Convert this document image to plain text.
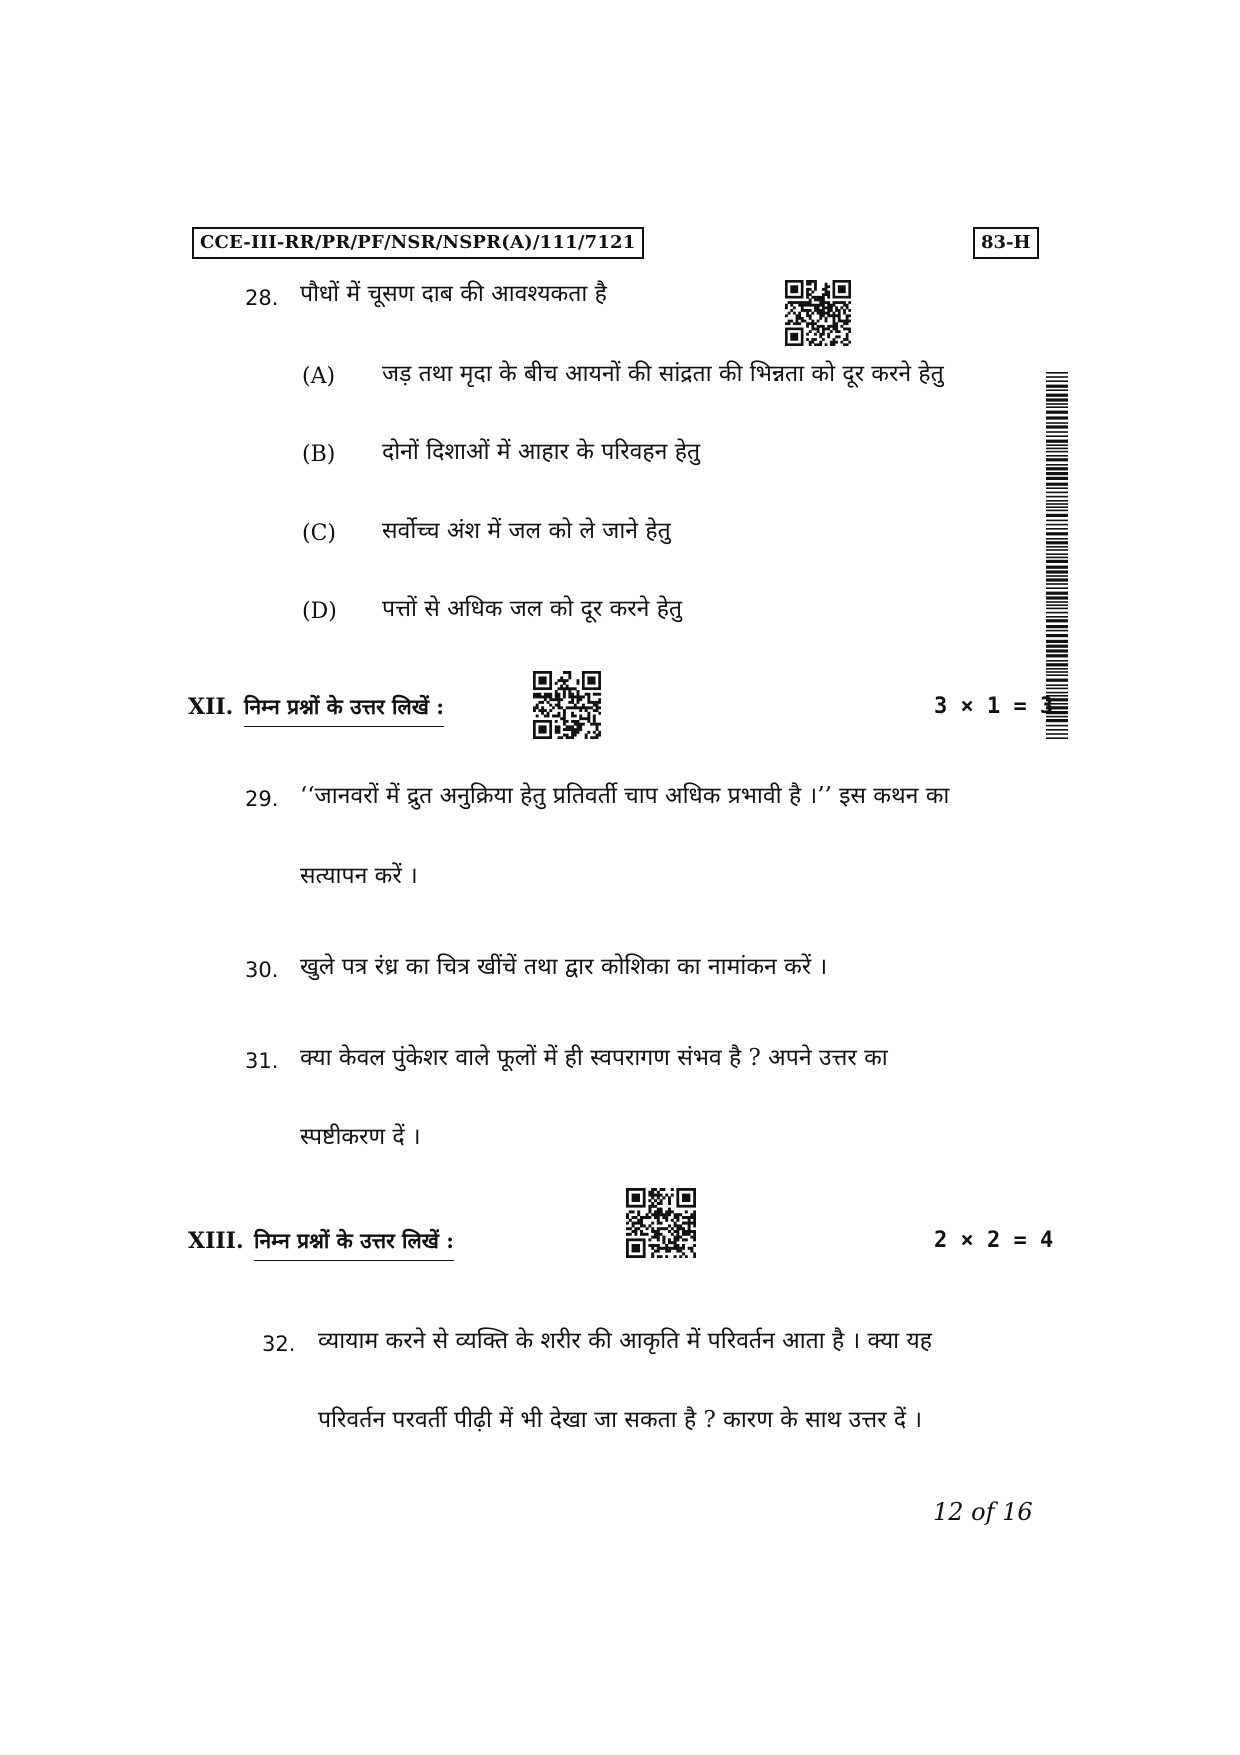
CCE-III-RR/PR/PF/NSR/NSPR(A)/111/7121	83-H
28. पौधों में चूसण दाब की आवश्यकता है
(A) जड़ तथा मृदा के बीच आयनों की सांद्रता की भिन्नता को दूर करने हेतु
(B) दोनों दिशाओं में आहार के परिवहन हेतु
(C) सर्वोच्च अंश में जल को ले जाने हेतु
(D) पत्तों से अधिक जल को दूर करने हेतु
XII. निम्न प्रश्नों के उत्तर लिखें :	3 × 1 = 3
29. ‘‘जानवरों में द्रुत अनुक्रिया हेतु प्रतिवर्ती चाप अधिक प्रभावी है ।’’ इस कथन का
सत्यापन करें ।
30. खुले पत्र रंध्र का चित्र खींचें तथा द्वार कोशिका का नामांकन करें ।
31. क्या केवल पुंकेशर वाले फूलों में ही स्वपरागण संभव है ? अपने उत्तर का
स्पष्टीकरण दें ।
XIII. निम्न प्रश्नों के उत्तर लिखें :	2 × 2 = 4
32. व्यायाम करने से व्यक्ति के शरीर की आकृति में परिवर्तन आता है । क्या यह
परिवर्तन परवर्ती पीढ़ी में भी देखा जा सकता है ? कारण के साथ उत्तर दें ।
12 of 16
